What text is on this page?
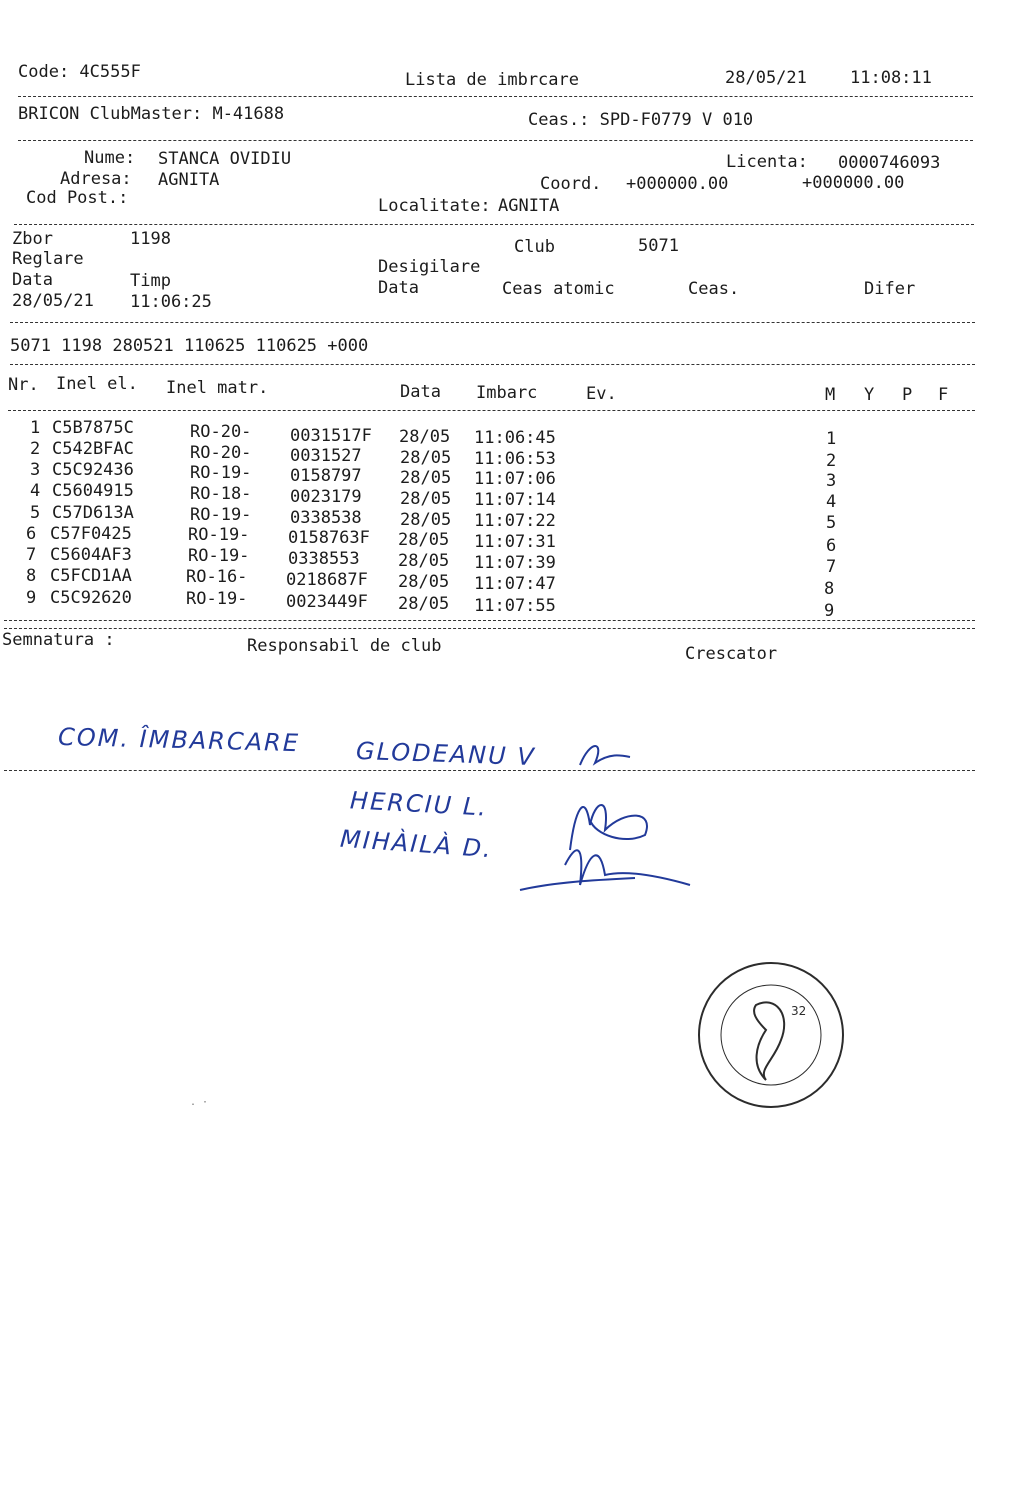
Code: 4C555F	Lista de imbrcare	28/05/21	11:08:11
BRICON ClubMaster: M-41688	Ceas.: SPD-F0779 V 010
Nume: STANCA OVIDIU
Adresa: AGNITA
Cod Post.:
Licenta: 0000746093
Coord. +000000.00	+000000.00
Localitate: AGNITA
Zbor	1198	Club	5071
Reglare	Desigilare
Data	Timp	Data	Ceas atomic	Ceas.	Difer
28/05/21 11:06:25
5071 1198 280521 110625 110625 +000
Nr. Inel el. Inel matr.	Data Imbarc	Ev.	M Y P F
1 C5B7875C	RO-20- 0031517F 28/05 11:06:45	1
2 C542BFAC	RO-20- 0031527 28/05 11:06:53	2
3 C5C92436	RO-19- 0158797 28/05 11:07:06	3
4 C5604915	RO-18- 0023179 28/05 11:07:14	4
5 C57D613A	RO-19- 0338538 28/05 11:07:22	5
6 C57F0425	RO-19- 0158763F 28/05 11:07:31	6
7 C5604AF3	RO-19- 0338553 28/05 11:07:39	7
8 C5FCD1AA	RO-16- 0218687F 28/05 11:07:47	8
9 C5C92620	RO-19- 0023449F 28/05 11:07:55	9
Semnatura :	Responsabil de club	Crescator
COM. ÎMBARCARE GLODEANU V
HERCIU L.
MIHÀILÀ D.
32
. ·
